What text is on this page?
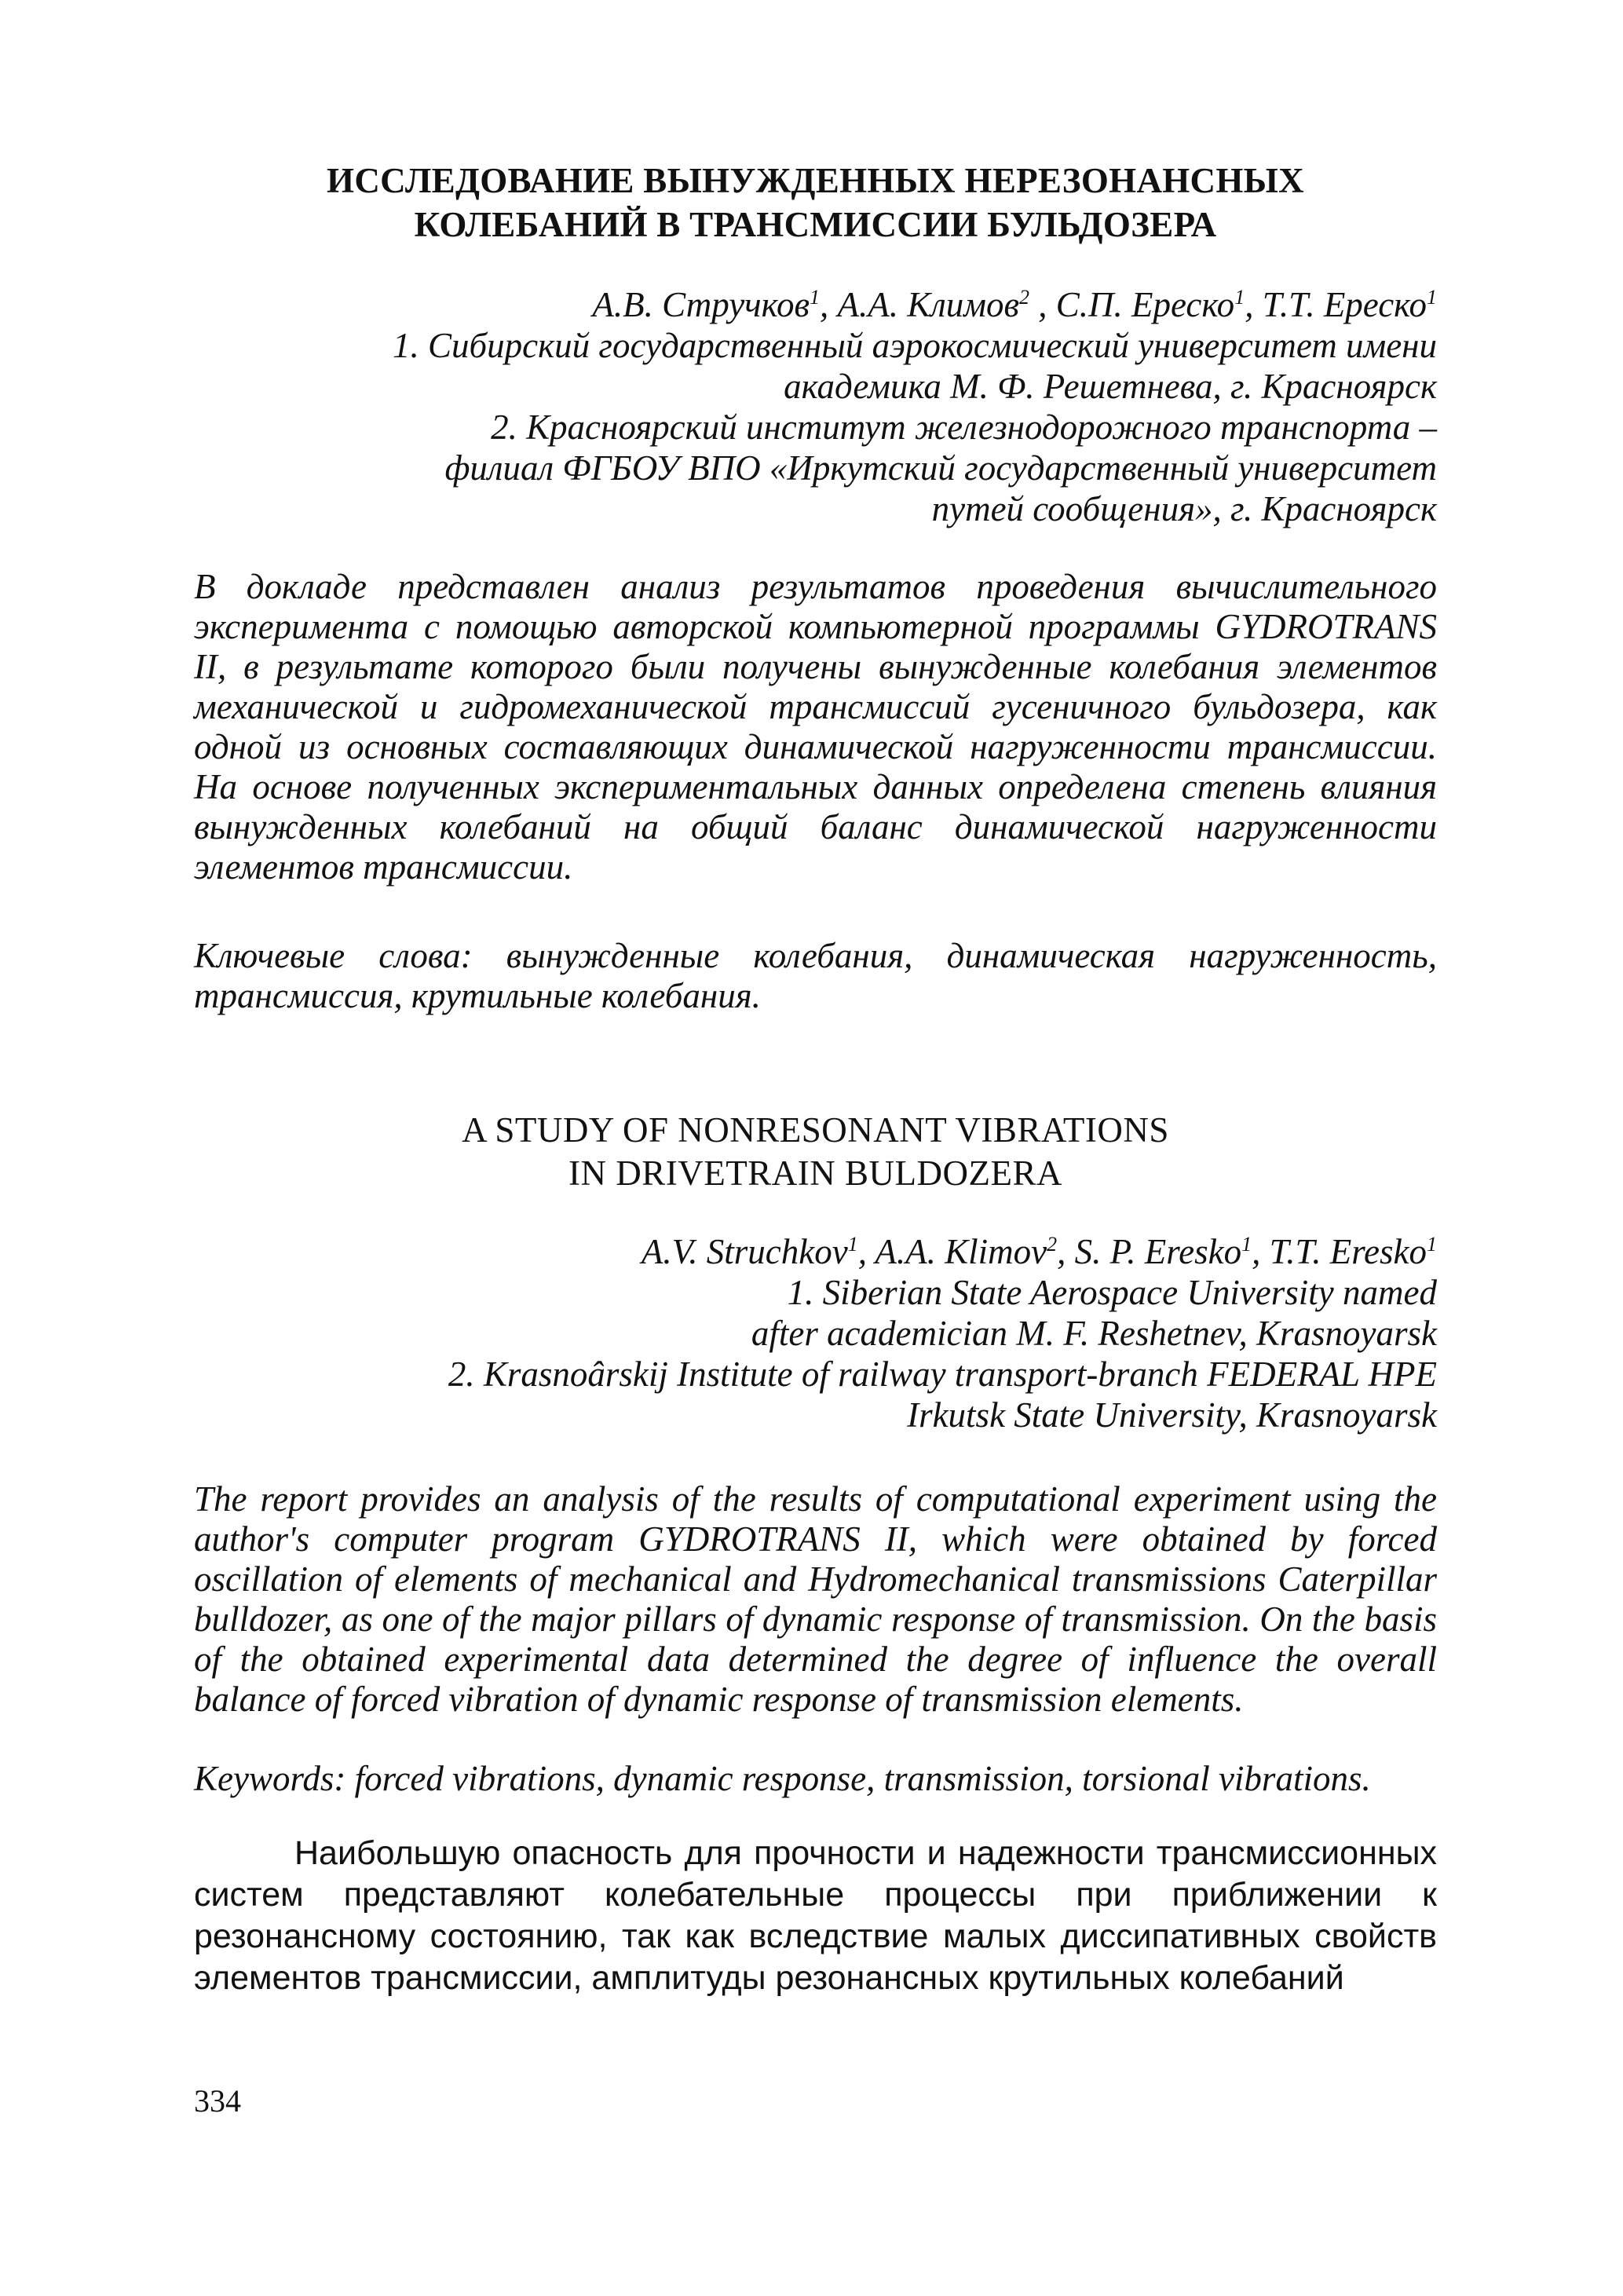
ИССЛЕДОВАНИЕ ВЫНУЖДЕННЫХ НЕРЕЗОНАНСНЫХ
КОЛЕБАНИЙ В ТРАНСМИССИИ БУЛЬДОЗЕРА
А.В. Стручков$^1$, А.А. Климов$^2$ , С.П. Ереско$^1$, Т.Т. Ереско$^1$
1. Сибирский государственный аэрокосмический университет имени
академика М. Ф. Решетнева, г. Красноярск
2. Красноярский институт железнодорожного транспорта –
филиал ФГБОУ ВПО «Иркутский государственный университет
путей сообщения», г. Красноярск

В докладе представлен анализ результатов проведения вычислительного эксперимента с помощью авторской компьютерной программы GYDROTRANS II, в результате которого были получены вынужденные колебания элементов механической и гидромеханической трансмиссий гусеничного бульдозера, как одной из основных составляющих динамической нагруженности трансмиссии. На основе полученных экспериментальных данных определена степень влияния вынужденных колебаний на общий баланс динамической нагруженности элементов трансмиссии.

Ключевые слова: вынужденные колебания, динамическая нагруженность, трансмиссия, крутильные колебания.

A STUDY OF NONRESONANT VIBRATIONS
IN DRIVETRAIN BULDOZERA
A.V. Struchkov$^1$, A.A. Klimov$^2$, S. P. Eresko$^1$, T.T. Eresko$^1$
1. Siberian State Aerospace University named
after academician M. F. Reshetnev, Krasnoyarsk
2. Krasnoârskij Institute of railway transport-branch FEDERAL HPE
Irkutsk State University, Krasnoyarsk

The report provides an analysis of the results of computational experiment using the author's computer program GYDROTRANS II, which were obtained by forced oscillation of elements of mechanical and Hydromechanical transmissions Caterpillar bulldozer, as one of the major pillars of dynamic response of transmission. On the basis of the obtained experimental data determined the degree of influence the overall balance of forced vibration of dynamic response of transmission elements.

Keywords: forced vibrations, dynamic response, transmission, torsional vibrations.

Наибольшую опасность для прочности и надежности трансмиссионных систем представляют колебательные процессы при приближении к резонансному состоянию, так как вследствие малых диссипативных свойств элементов трансмиссии, амплитуды резонансных крутильных колебаний

334
